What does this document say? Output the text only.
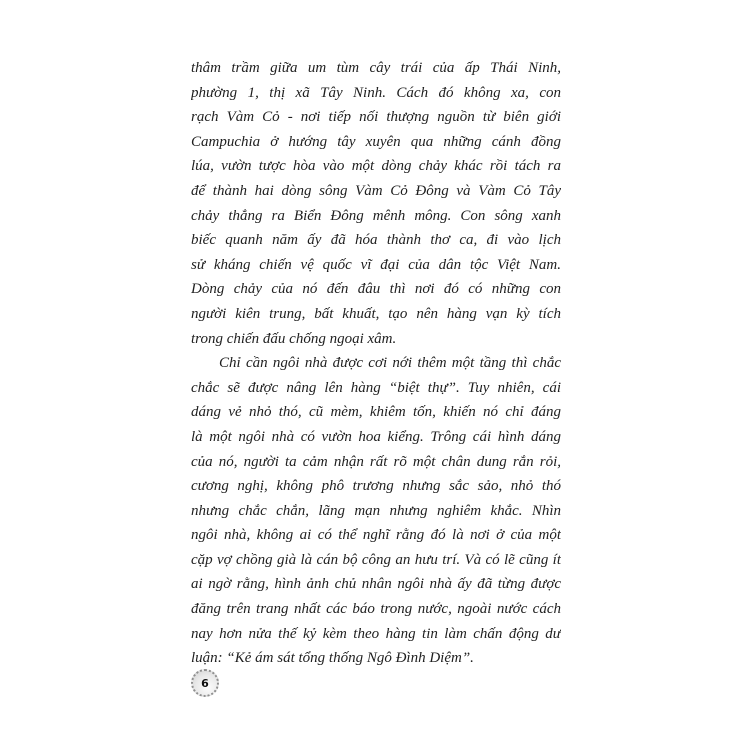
thâm trầm giữa um tùm cây trái của ấp Thái Ninh,
phường 1, thị xã Tây Ninh. Cách đó không xa, con
rạch Vàm Cỏ - nơi tiếp nối thượng nguồn từ biên giới
Campuchia ở hướng tây xuyên qua những cánh đồng
lúa, vườn tược hòa vào một dòng chảy khác rồi tách ra
để thành hai dòng sông Vàm Cỏ Đông và Vàm Cỏ Tây
chảy thẳng ra Biển Đông mênh mông. Con sông xanh
biếc quanh năm ấy đã hóa thành thơ ca, đi vào lịch
sử kháng chiến vệ quốc vĩ đại của dân tộc Việt Nam.
Dòng chảy của nó đến đâu thì nơi đó có những con
người kiên trung, bất khuất, tạo nên hàng vạn kỳ tích
trong chiến đấu chống ngoại xâm.
Chỉ cần ngôi nhà được cơi nới thêm một tầng thì chắc
chắc sẽ được nâng lên hàng “biệt thự”. Tuy nhiên, cái
dáng vẻ nhỏ thó, cũ mèm, khiêm tốn, khiến nó chỉ đáng
là một ngôi nhà có vườn hoa kiểng. Trông cái hình dáng
của nó, người ta cảm nhận rất rõ một chân dung rắn rỏi,
cương nghị, không phô trương nhưng sắc sảo, nhỏ thó
nhưng chắc chắn, lãng mạn nhưng nghiêm khắc. Nhìn
ngôi nhà, không ai có thể nghĩ rằng đó là nơi ở của một
cặp vợ chồng già là cán bộ công an hưu trí. Và có lẽ cũng ít
ai ngờ rằng, hình ảnh chủ nhân ngôi nhà ấy đã từng được
đăng trên trang nhất các báo trong nước, ngoài nước cách
nay hơn nửa thế kỷ kèm theo hàng tin làm chấn động dư
luận: “Kẻ ám sát tổng thống Ngô Đình Diệm”.
6
